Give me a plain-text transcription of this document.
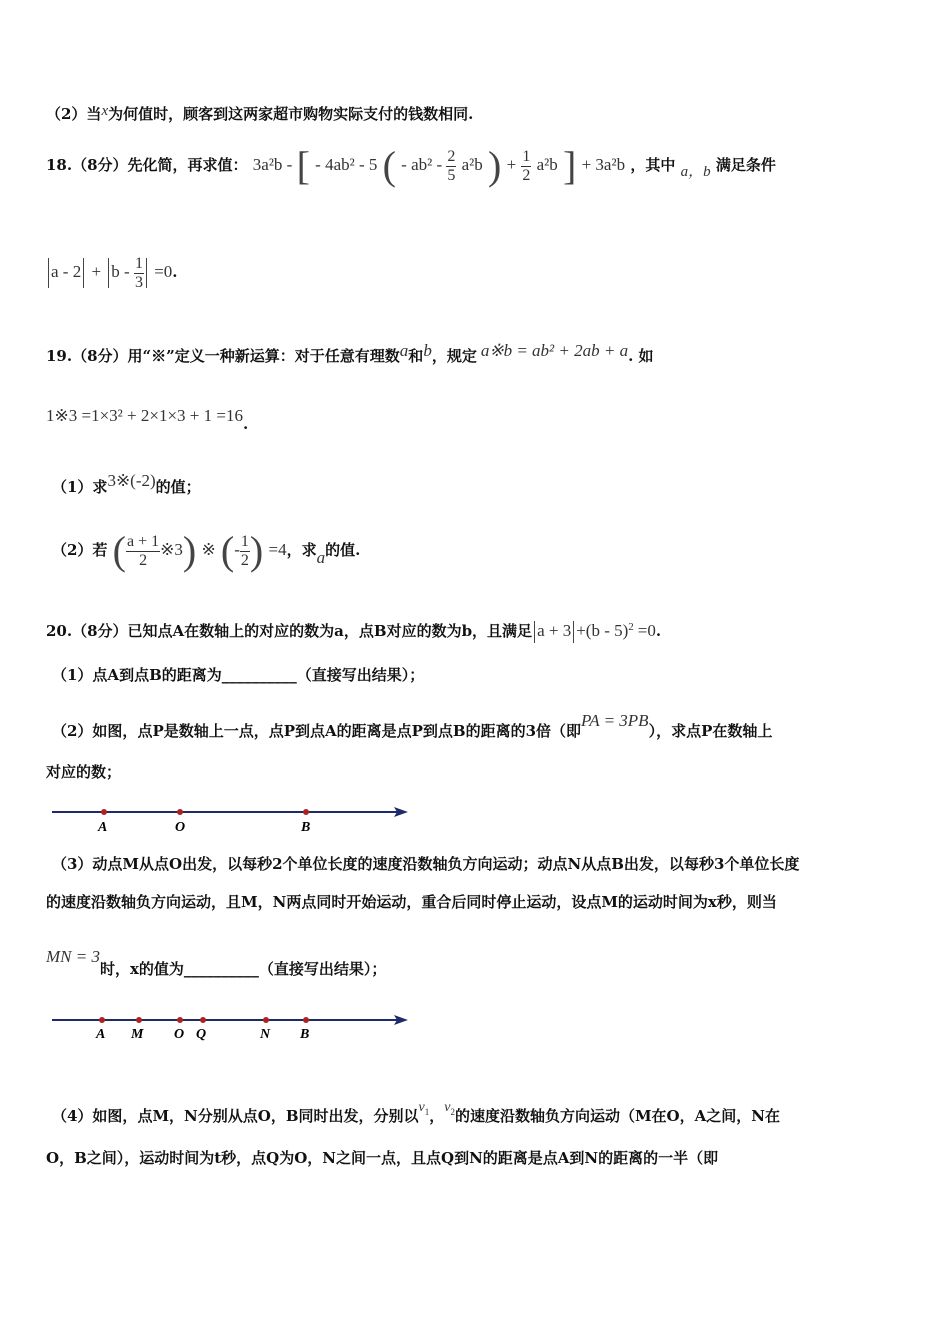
（2）当x为何值时，顾客到这两家超市购物实际支付的钱数相同.
18.（8分）先化简，再求值： 3a²b - [ - 4ab² - 5 ( - $ab^2 - \frac{2}{5} a^2b$ ) + $\frac{1}{2} a^2b$ ] + 3a²b ，其中 a，b 满足条件
$a - 2 + b - \frac{1}{3} =0$.
19.（8分）用“※”定义一种新运算：对于任意有理数a和b，规定 a※b = ab² + 2ab + a. 如
1※3 =1×3² + 2×1×3 + 1 =16.
（1）求3※(-2)的值；
（2）若 ( $\frac{a + 1}{2}$ ※3) ※ (- $\frac{1}{2}$ ) =4，求a的值.
20.（8分）已知点A在数轴上的对应的数为a，点B对应的数为b，且满足 a + 3 +(b - 5)$^2$ =0.
（1）点A到点B的距离为__________（直接写出结果）；
（2）如图，点P是数轴上一点，点P到点A的距离是点P到点B的距离的3倍（即PA = 3PB），求点P在数轴上
对应的数；
A	O	B
（3）动点M从点O出发，以每秒2个单位长度的速度沿数轴负方向运动；动点N从点B出发，以每秒3个单位长度
的速度沿数轴负方向运动，且M，N两点同时开始运动，重合后同时停止运动，设点M的运动时间为x秒，则当
MN = 3时，x的值为__________（直接写出结果）；
A M O Q	N B
（4）如图，点M，N分别从点O，B同时出发，分别以$v_1$，$v_2$的速度沿数轴负方向运动（M在O，A之间，N在
O，B之间），运动时间为t秒，点Q为O，N之间一点，且点Q到N的距离是点A到N的距离的一半（即
